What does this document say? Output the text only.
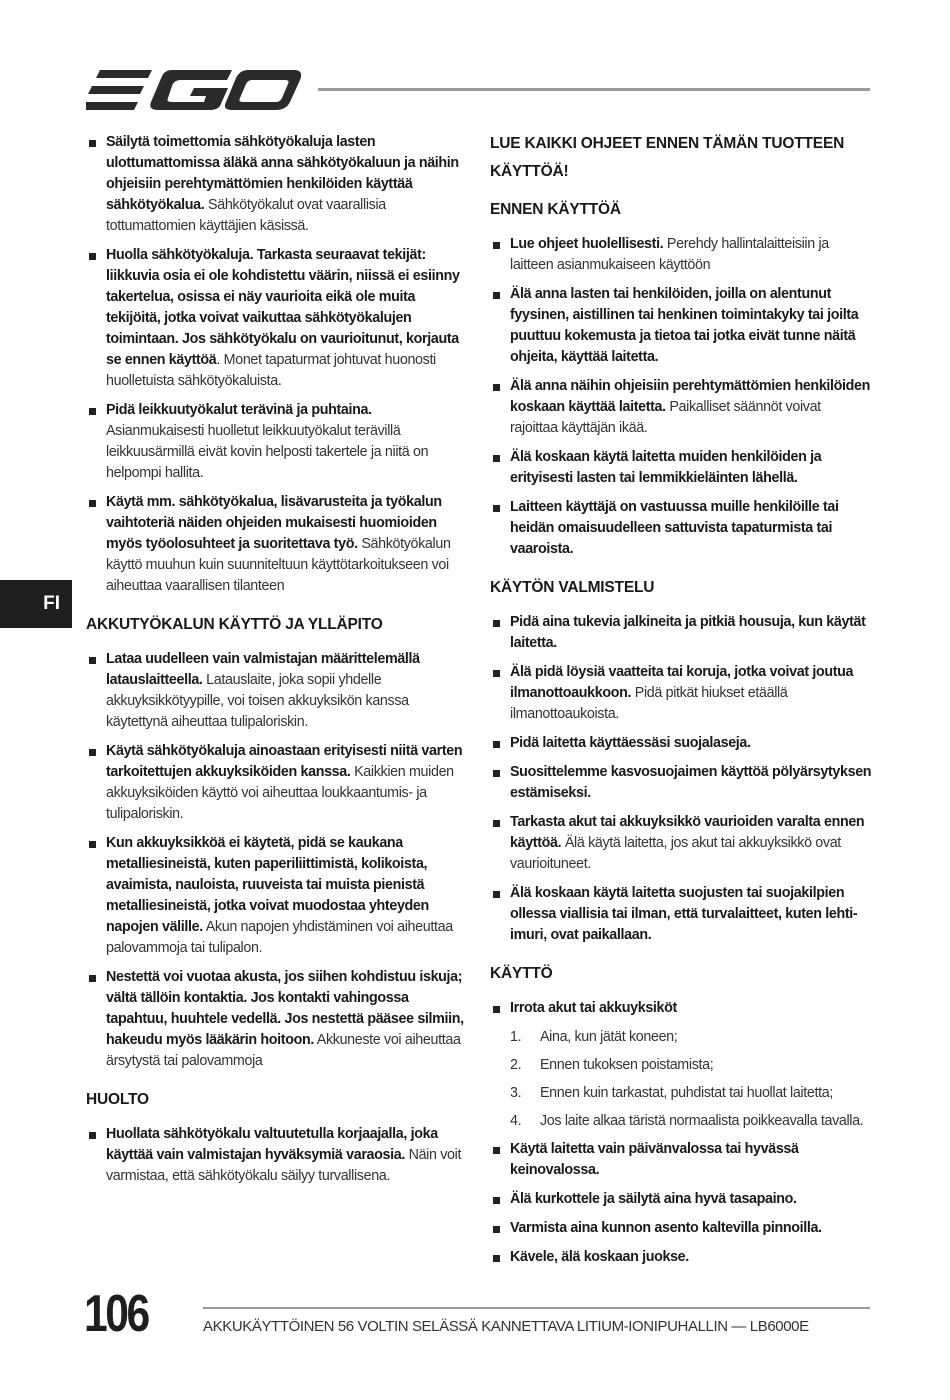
FI
Säilytä toimettomia sähkötyökaluja lasten ulottumattomissa äläkä anna sähkötyökaluun ja näihin ohjeisiin perehtymättömien henkilöiden käyttää sähkötyökalua. Sähkötyökalut ovat vaarallisia tottumattomien käyttäjien käsissä.
Huolla sähkötyökaluja. Tarkasta seuraavat tekijät: liikkuvia osia ei ole kohdistettu väärin, niissä ei esiinny takertelua, osissa ei näy vaurioita eikä ole muita tekijöitä, jotka voivat vaikuttaa sähkötyökalujen toimintaan. Jos sähkötyökalu on vaurioitunut, korjauta se ennen käyttöä. Monet tapaturmat johtuvat huonosti huolletuista sähkötyökaluista.
Pidä leikkuutyökalut terävinä ja puhtaina. Asianmukaisesti huolletut leikkuutyökalut terävillä leikkuusärmillä eivät kovin helposti takertele ja niitä on helpompi hallita.
Käytä mm. sähkötyökalua, lisävarusteita ja työkalun vaihtoteriä näiden ohjeiden mukaisesti huomioiden myös työolosuhteet ja suoritettava työ. Sähkötyökalun käyttö muuhun kuin suunniteltuun käyttötarkoitukseen voi aiheuttaa vaarallisen tilanteen
AKKUTYÖKALUN KÄYTTÖ JA YLLÄPITO
Lataa uudelleen vain valmistajan määrittelemällä latauslaitteella. Latauslaite, joka sopii yhdelle akkuyksikkötyypille, voi toisen akkuyksikön kanssa käytettynä aiheuttaa tulipaloriskin.
Käytä sähkötyökaluja ainoastaan erityisesti niitä varten tarkoitettujen akkuyksiköiden kanssa. Kaikkien muiden akkuyksiköiden käyttö voi aiheuttaa loukkaantumis- ja tulipaloriskin.
Kun akkuyksikköä ei käytetä, pidä se kaukana metalliesineistä, kuten paperiliittimistä, kolikoista, avaimista, nauloista, ruuveista tai muista pienistä metalliesineistä, jotka voivat muodostaa yhteyden napojen välille. Akun napojen yhdistäminen voi aiheuttaa palovammoja tai tulipalon.
Nestettä voi vuotaa akusta, jos siihen kohdistuu iskuja; vältä tällöin kontaktia. Jos kontakti vahingossa tapahtuu, huuhtele vedellä. Jos nestettä pääsee silmiin, hakeudu myös lääkärin hoitoon. Akkuneste voi aiheuttaa ärsytystä tai palovammoja
HUOLTO
Huollata sähkötyökalu valtuutetulla korjaajalla, joka käyttää vain valmistajan hyväksymiä varaosia. Näin voit varmistaa, että sähkötyökalu säilyy turvallisena.
LUE KAIKKI OHJEET ENNEN TÄMÄN TUOTTEEN KÄYTTÖÄ!
ENNEN KÄYTTÖÄ
Lue ohjeet huolellisesti. Perehdy hallintalaitteisiin ja laitteen asianmukaiseen käyttöön
Älä anna lasten tai henkilöiden, joilla on alentunut fyysinen, aistillinen tai henkinen toimintakyky tai joilta puuttuu kokemusta ja tietoa tai jotka eivät tunne näitä ohjeita, käyttää laitetta.
Älä anna näihin ohjeisiin perehtymättömien henkilöiden koskaan käyttää laitetta. Paikalliset säännöt voivat rajoittaa käyttäjän ikää.
Älä koskaan käytä laitetta muiden henkilöiden ja erityisesti lasten tai lemmikkieläinten lähellä.
Laitteen käyttäjä on vastuussa muille henkilöille tai heidän omaisuudelleen sattuvista tapaturmista tai vaaroista.
KÄYTÖN VALMISTELU
Pidä aina tukevia jalkineita ja pitkiä housuja, kun käytät laitetta.
Älä pidä löysiä vaatteita tai koruja, jotka voivat joutua ilmanottoaukkoon. Pidä pitkät hiukset etäällä ilmanottoaukoista.
Pidä laitetta käyttäessäsi suojalaseja.
Suosittelemme kasvosuojaimen käyttöä pölyärsytyksen estämiseksi.
Tarkasta akut tai akkuyksikkö vaurioiden varalta ennen käyttöä. Älä käytä laitetta, jos akut tai akkuyksikkö ovat vaurioituneet.
Älä koskaan käytä laitetta suojusten tai suojakilpien ollessa viallisia tai ilman, että turvalaitteet, kuten lehti-imuri, ovat paikallaan.
KÄYTTÖ
Irrota akut tai akkuyksiköt
1. Aina, kun jätät koneen;
2. Ennen tukoksen poistamista;
3. Ennen kuin tarkastat, puhdistat tai huollat laitetta;
4. Jos laite alkaa täristä normaalista poikkeavalla tavalla.
Käytä laitetta vain päivänvalossa tai hyvässä keinovalossa.
Älä kurkottele ja säilytä aina hyvä tasapaino.
Varmista aina kunnon asento kaltevilla pinnoilla.
Kävele, älä koskaan juokse.
106	AKKUKÄYTTÖINEN 56 VOLTIN SELÄSSÄ KANNETTAVA LITIUM-IONIPUHALLIN — LB6000E
